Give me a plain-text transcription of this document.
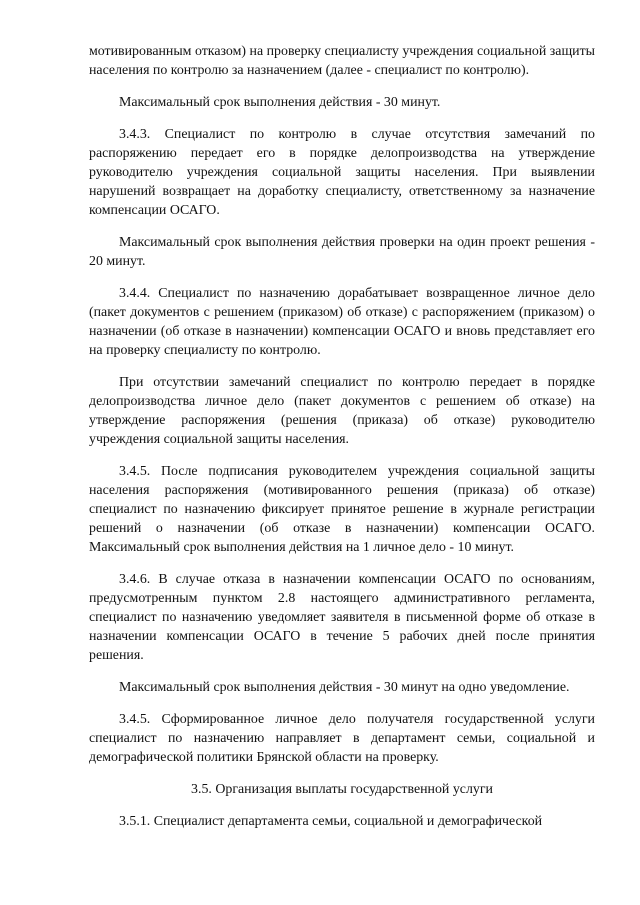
мотивированным отказом) на проверку специалисту учреждения социальной защиты населения по контролю за назначением (далее - специалист по контролю).

Максимальный срок выполнения действия - 30 минут.

3.4.3. Специалист по контролю в случае отсутствия замечаний по распоряжению передает его в порядке делопроизводства на утверждение руководителю учреждения социальной защиты населения. При выявлении нарушений возвращает на доработку специалисту, ответственному за назначение компенсации ОСАГО.

Максимальный срок выполнения действия проверки на один проект решения - 20 минут.

3.4.4. Специалист по назначению дорабатывает возвращенное личное дело (пакет документов с решением (приказом) об отказе) с распоряжением (приказом) о назначении (об отказе в назначении) компенсации ОСАГО и вновь представляет его на проверку специалисту по контролю.

При отсутствии замечаний специалист по контролю передает в порядке делопроизводства личное дело (пакет документов с решением об отказе) на утверждение распоряжения (решения (приказа) об отказе) руководителю учреждения социальной защиты населения.

3.4.5. После подписания руководителем учреждения социальной защиты населения распоряжения (мотивированного решения (приказа) об отказе) специалист по назначению фиксирует принятое решение в журнале регистрации решений о назначении (об отказе в назначении) компенсации ОСАГО. Максимальный срок выполнения действия на 1 личное дело - 10 минут.

3.4.6. В случае отказа в назначении компенсации ОСАГО по основаниям, предусмотренным пунктом 2.8 настоящего административного регламента, специалист по назначению уведомляет заявителя в письменной форме об отказе в назначении компенсации ОСАГО в течение 5 рабочих дней после принятия решения.

Максимальный срок выполнения действия - 30 минут на одно уведомление.

3.4.5. Сформированное личное дело получателя государственной услуги специалист по назначению направляет в департамент семьи, социальной и демографической политики Брянской области на проверку.

3.5. Организация выплаты государственной услуги

3.5.1. Специалист департамента семьи, социальной и демографической
